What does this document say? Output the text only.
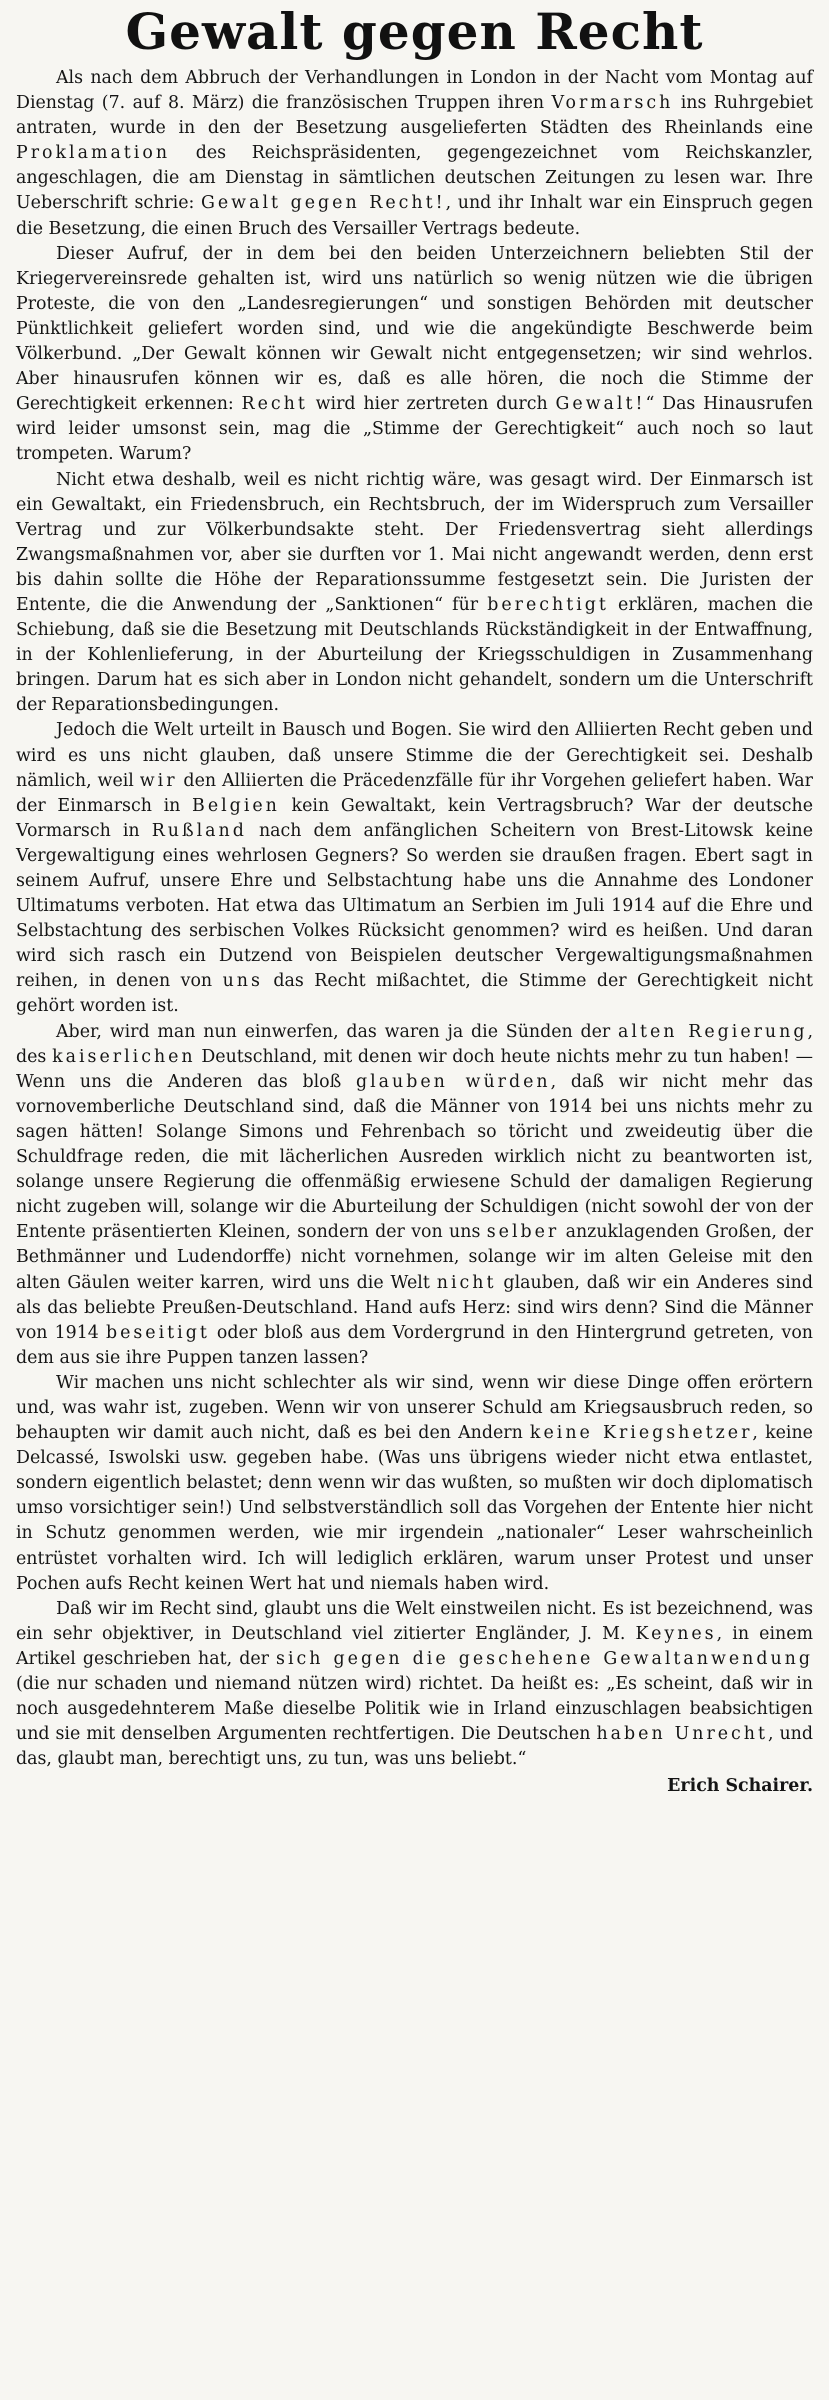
Gewalt gegen Recht

Als nach dem Abbruch der Verhandlungen in London in der Nacht vom Montag auf Dienstag (7. auf 8. März) die französischen Truppen ihren Vormarsch ins Ruhrgebiet antraten, wurde in den der Besetzung ausgelieferten Städten des Rheinlands eine Proklamation des Reichspräsidenten, gegengezeichnet vom Reichskanzler, angeschlagen, die am Dienstag in sämtlichen deutschen Zeitungen zu lesen war. Ihre Ueberschrift schrie: Gewalt gegen Recht!, und ihr Inhalt war ein Einspruch gegen die Besetzung, die einen Bruch des Versailler Vertrags bedeute.

Dieser Aufruf, der in dem bei den beiden Unterzeichnern beliebten Stil der Kriegervereinsrede gehalten ist, wird uns natürlich so wenig nützen wie die übrigen Proteste, die von den „Landesregierungen“ und sonstigen Behörden mit deutscher Pünktlichkeit geliefert worden sind, und wie die angekündigte Beschwerde beim Völkerbund. „Der Gewalt können wir Gewalt nicht entgegensetzen; wir sind wehrlos. Aber hinausrufen können wir es, daß es alle hören, die noch die Stimme der Gerechtigkeit erkennen: Recht wird hier zertreten durch Gewalt!“ Das Hinausrufen wird leider umsonst sein, mag die „Stimme der Gerechtigkeit“ auch noch so laut trompeten. Warum?

Nicht etwa deshalb, weil es nicht richtig wäre, was gesagt wird. Der Einmarsch ist ein Gewaltakt, ein Friedensbruch, ein Rechtsbruch, der im Widerspruch zum Versailler Vertrag und zur Völkerbundsakte steht. Der Friedensvertrag sieht allerdings Zwangsmaßnahmen vor, aber sie durften vor 1. Mai nicht angewandt werden, denn erst bis dahin sollte die Höhe der Reparationssumme festgesetzt sein. Die Juristen der Entente, die die Anwendung der „Sanktionen“ für berechtigt erklären, machen die Schiebung, daß sie die Besetzung mit Deutschlands Rückständigkeit in der Entwaffnung, in der Kohlenlieferung, in der Aburteilung der Kriegsschuldigen in Zusammenhang bringen. Darum hat es sich aber in London nicht gehandelt, sondern um die Unterschrift der Reparationsbedingungen.

Jedoch die Welt urteilt in Bausch und Bogen. Sie wird den Alliierten Recht geben und wird es uns nicht glauben, daß unsere Stimme die der Gerechtigkeit sei. Deshalb nämlich, weil wir den Alliierten die Präcedenzfälle für ihr Vorgehen geliefert haben. War der Einmarsch in Belgien kein Gewaltakt, kein Vertragsbruch? War der deutsche Vormarsch in Rußland nach dem anfänglichen Scheitern von Brest-Litowsk keine Vergewaltigung eines wehrlosen Gegners? So werden sie draußen fragen. Ebert sagt in seinem Aufruf, unsere Ehre und Selbstachtung habe uns die Annahme des Londoner Ultimatums verboten. Hat etwa das Ultimatum an Serbien im Juli 1914 auf die Ehre und Selbstachtung des serbischen Volkes Rücksicht genommen? wird es heißen. Und daran wird sich rasch ein Dutzend von Beispielen deutscher Vergewaltigungsmaßnahmen reihen, in denen von uns das Recht mißachtet, die Stimme der Gerechtigkeit nicht gehört worden ist.

Aber, wird man nun einwerfen, das waren ja die Sünden der alten Regierung, des kaiserlichen Deutschland, mit denen wir doch heute nichts mehr zu tun haben! — Wenn uns die Anderen das bloß glauben würden, daß wir nicht mehr das vornovemberliche Deutschland sind, daß die Männer von 1914 bei uns nichts mehr zu sagen hätten! Solange Simons und Fehrenbach so töricht und zweideutig über die Schuldfrage reden, die mit lächerlichen Ausreden wirklich nicht zu beantworten ist, solange unsere Regierung die offenmäßig erwiesene Schuld der damaligen Regierung nicht zugeben will, solange wir die Aburteilung der Schuldigen (nicht sowohl der von der Entente präsentierten Kleinen, sondern der von uns selber anzuklagenden Großen, der Bethmänner und Ludendorffe) nicht vornehmen, solange wir im alten Geleise mit den alten Gäulen weiter karren, wird uns die Welt nicht glauben, daß wir ein Anderes sind als das beliebte Preußen-Deutschland. Hand aufs Herz: sind wirs denn? Sind die Männer von 1914 beseitigt oder bloß aus dem Vordergrund in den Hintergrund getreten, von dem aus sie ihre Puppen tanzen lassen?

Wir machen uns nicht schlechter als wir sind, wenn wir diese Dinge offen erörtern und, was wahr ist, zugeben. Wenn wir von unserer Schuld am Kriegsausbruch reden, so behaupten wir damit auch nicht, daß es bei den Andern keine Kriegshetzer, keine Delcassé, Iswolski usw. gegeben habe. (Was uns übrigens wieder nicht etwa entlastet, sondern eigentlich belastet; denn wenn wir das wußten, so mußten wir doch diplomatisch umso vorsichtiger sein!) Und selbstverständlich soll das Vorgehen der Entente hier nicht in Schutz genommen werden, wie mir irgendein „nationaler“ Leser wahrscheinlich entrüstet vorhalten wird. Ich will lediglich erklären, warum unser Protest und unser Pochen aufs Recht keinen Wert hat und niemals haben wird.

Daß wir im Recht sind, glaubt uns die Welt einstweilen nicht. Es ist bezeichnend, was ein sehr objektiver, in Deutschland viel zitierter Engländer, J. M. Keynes, in einem Artikel geschrieben hat, der sich gegen die geschehene Gewaltanwendung (die nur schaden und niemand nützen wird) richtet. Da heißt es: „Es scheint, daß wir in noch ausgedehnterem Maße dieselbe Politik wie in Irland einzuschlagen beabsichtigen und sie mit denselben Argumenten rechtfertigen. Die Deutschen haben Unrecht, und das, glaubt man, berechtigt uns, zu tun, was uns beliebt.“

Erich Schairer.
